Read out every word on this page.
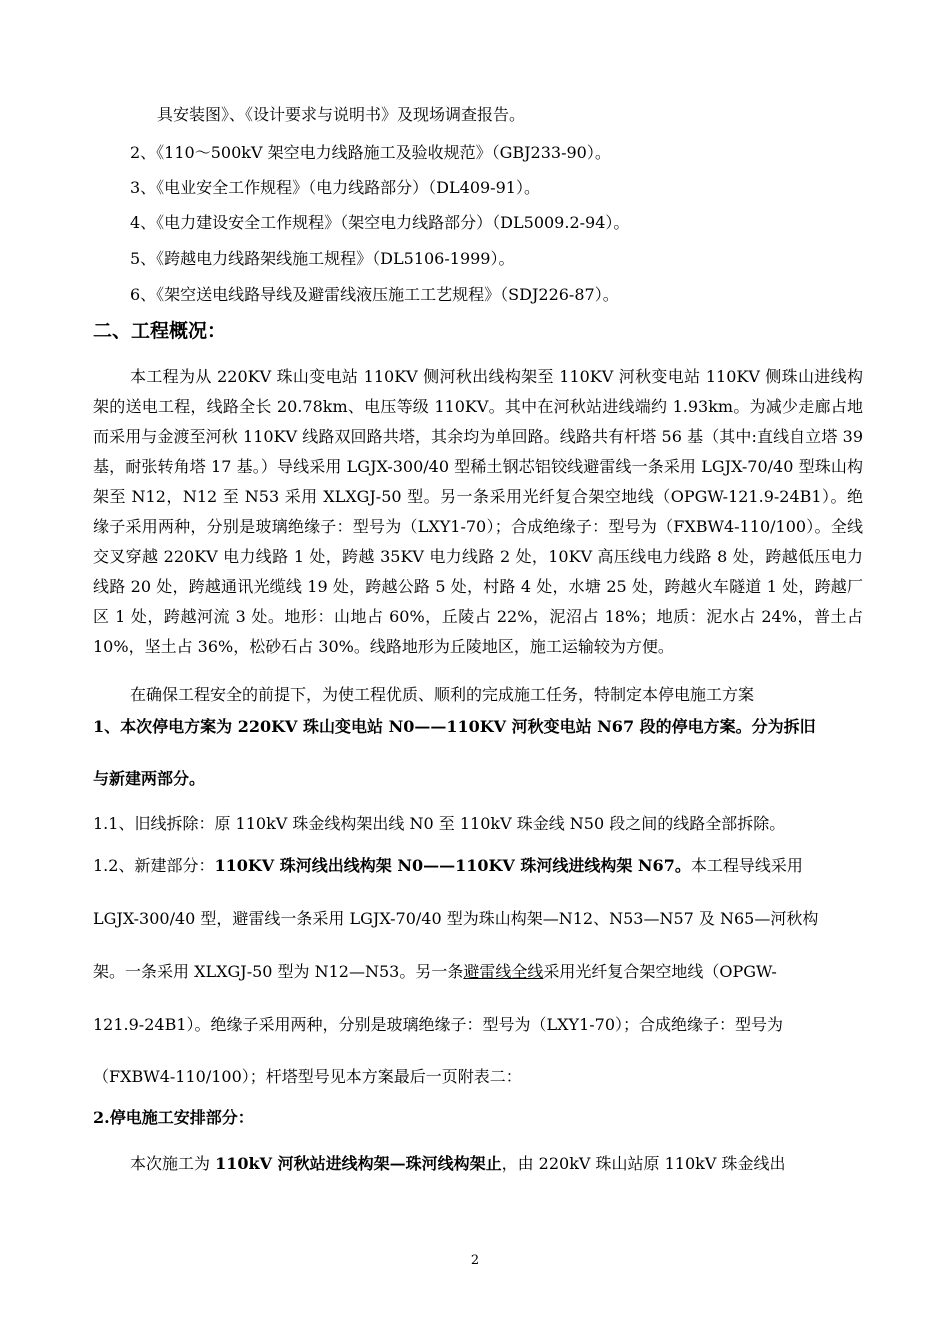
具安装图》、《设计要求与说明书》及现场调查报告。
2、《110～500kV 架空电力线路施工及验收规范》（GBJ233-90）。
3、《电业安全工作规程》（电力线路部分）（DL409-91）。
4、《电力建设安全工作规程》（架空电力线路部分）（DL5009.2-94）。
5、《跨越电力线路架线施工规程》（DL5106-1999）。
6、《架空送电线路导线及避雷线液压施工工艺规程》（SDJ226-87）。
二、工程概况：
本工程为从 220KV 珠山变电站 110KV 侧河秋出线构架至 110KV 河秋变电站 110KV 侧珠山进线构架的送电工程，线路全长 20.78km、电压等级 110KV。其中在河秋站进线端约 1.93km。为减少走廊占地而采用与金渡至河秋 110KV 线路双回路共塔，其余均为单回路。线路共有杆塔 56 基（其中:直线自立塔 39 基，耐张转角塔 17 基。）导线采用 LGJX-300/40 型稀土钢芯铝铰线避雷线一条采用 LGJX-70/40 型珠山构架至 N12，N12 至 N53 采用 XLXGJ-50 型。另一条采用光纤复合架空地线（OPGW-121.9-24B1）。绝缘子采用两种，分别是玻璃绝缘子：型号为（LXY1-70）；合成绝缘子：型号为（FXBW4-110/100）。全线交叉穿越 220KV 电力线路 1 处，跨越 35KV 电力线路 2 处，10KV 高压线电力线路 8 处，跨越低压电力线路 20 处，跨越通讯光缆线 19 处，跨越公路 5 处，村路 4 处，水塘 25 处，跨越火车隧道 1 处，跨越厂区 1 处，跨越河流 3 处。地形：山地占 60%，丘陵占 22%，泥沼占 18%；地质：泥水占 24%，普土占 10%，坚土占 36%，松砂石占 30%。线路地形为丘陵地区，施工运输较为方便。
在确保工程安全的前提下，为使工程优质、顺利的完成施工任务，特制定本停电施工方案
1、本次停电方案为 220KV 珠山变电站 N0——110KV 河秋变电站 N67 段的停电方案。分为拆旧
与新建两部分。
1.1、旧线拆除：原 110kV 珠金线构架出线 N0 至 110kV 珠金线 N50 段之间的线路全部拆除。
1.2、新建部分：110KV 珠河线出线构架 N0——110KV 珠河线进线构架 N67。本工程导线采用
LGJX-300/40 型，避雷线一条采用 LGJX-70/40 型为珠山构架—N12、N53—N57 及 N65—河秋构
架。一条采用 XLXGJ-50 型为 N12—N53。另一条避雷线全线采用光纤复合架空地线（OPGW-
121.9-24B1）。绝缘子采用两种，分别是玻璃绝缘子：型号为（LXY1-70）；合成绝缘子：型号为
（FXBW4-110/100）；杆塔型号见本方案最后一页附表二：
2.停电施工安排部分：
本次施工为 110kV 河秋站进线构架—珠河线构架止，由 220kV 珠山站原 110kV 珠金线出
2
